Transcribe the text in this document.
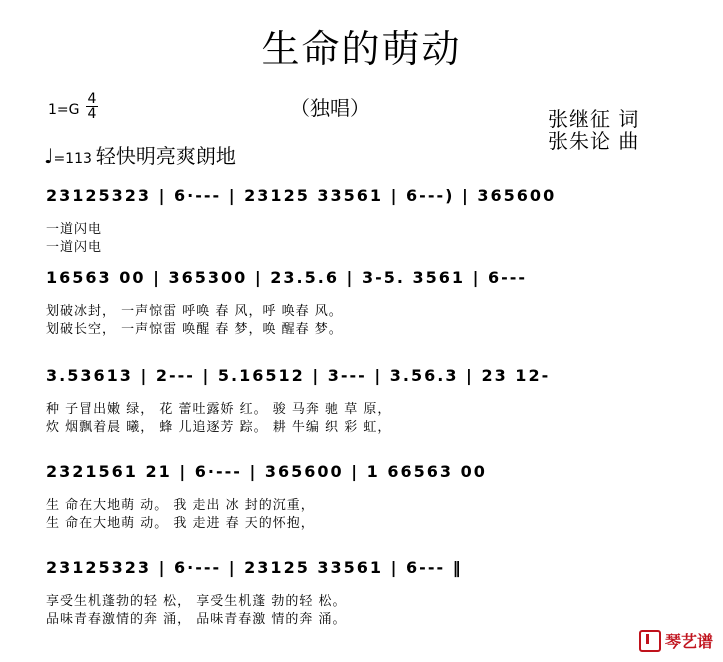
生命的萌动
（独唱）
1=G
4
4	张继征 词
张朱论 曲
♩=113 轻快明亮爽朗地
23125323 | 6·--- | 23125 33561 | 6---) | 365600
一道闪电
一道闪电
16563 00 | 365300 | 23.5.6 | 3-5. 3561 | 6---
划破冰封， 一声惊雷 呼唤 春 风，呼 唤春 风。
划破长空， 一声惊雷 唤醒 春 梦，唤 醒春 梦。
3.53613 | 2--- | 5.16512 | 3--- | 3.56.3 | 23 12-
种 子冒出嫩 绿， 花 蕾吐露娇 红。 骏 马奔 驰 草 原，
炊 烟飘着晨 曦， 蜂 儿追逐芳 踪。 耕 牛编 织 彩 虹，
2321561 21 | 6·--- | 365600 | 1 66563 00
生 命在大地萌 动。 我 走出 冰 封的沉重，
生 命在大地萌 动。 我 走进 春 天的怀抱，
23125323 | 6·--- | 23125 33561 | 6--- ‖
享受生机蓬勃的轻 松， 享受生机蓬 勃的轻 松。
品味青春激情的奔 涌， 品味青春激 情的奔 涌。
琴艺谱
